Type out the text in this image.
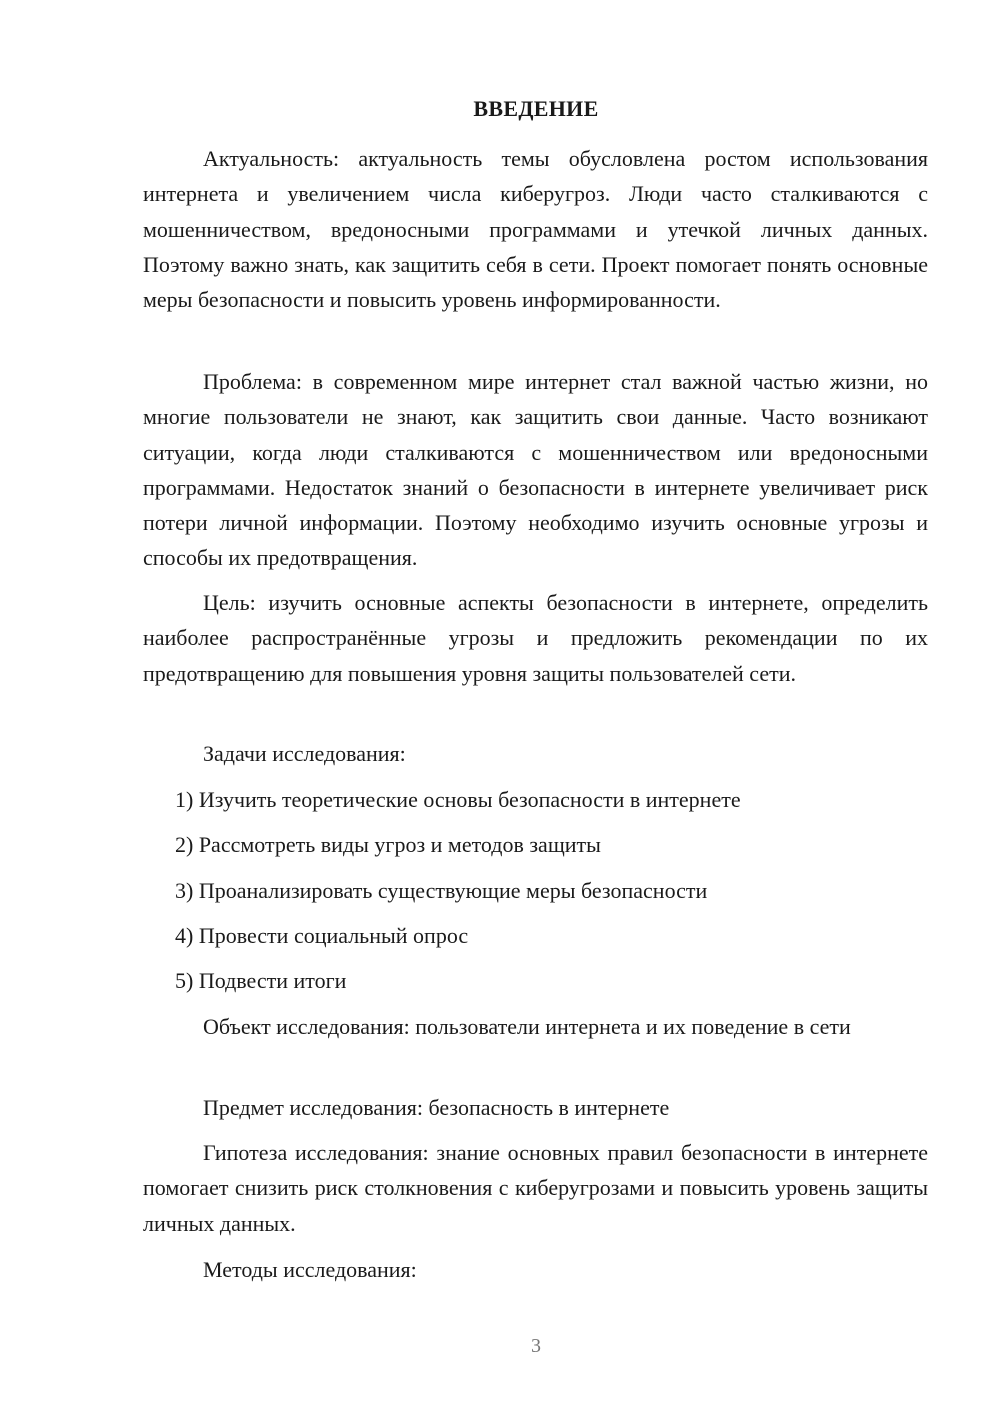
ВВЕДЕНИЕ

Актуальность: актуальность темы обусловлена ростом использования интернета и увеличением числа киберугроз. Люди часто сталкиваются с мошенничеством, вредоносными программами и утечкой личных данных. Поэтому важно знать, как защитить себя в сети. Проект помогает понять основные меры безопасности и повысить уровень информированности.

Проблема: в современном мире интернет стал важной частью жизни, но многие пользователи не знают, как защитить свои данные. Часто возникают ситуации, когда люди сталкиваются с мошенничеством или вредоносными программами. Недостаток знаний о безопасности в интернете увеличивает риск потери личной информации. Поэтому необходимо изучить основные угрозы и способы их предотвращения.

Цель: изучить основные аспекты безопасности в интернете, определить наиболее распространённые угрозы и предложить рекомендации по их предотвращению для повышения уровня защиты пользователей сети.

Задачи исследования:
1) Изучить теоретические основы безопасности в интернете
2) Рассмотреть виды угроз и методов защиты
3) Проанализировать существующие меры безопасности
4) Провести социальный опрос
5) Подвести итоги

Объект исследования: пользователи интернета и их поведение в сети

Предмет исследования: безопасность в интернете

Гипотеза исследования: знание основных правил безопасности в интернете помогает снизить риск столкновения с киберугрозами и повысить уровень защиты личных данных.

Методы исследования:
3
